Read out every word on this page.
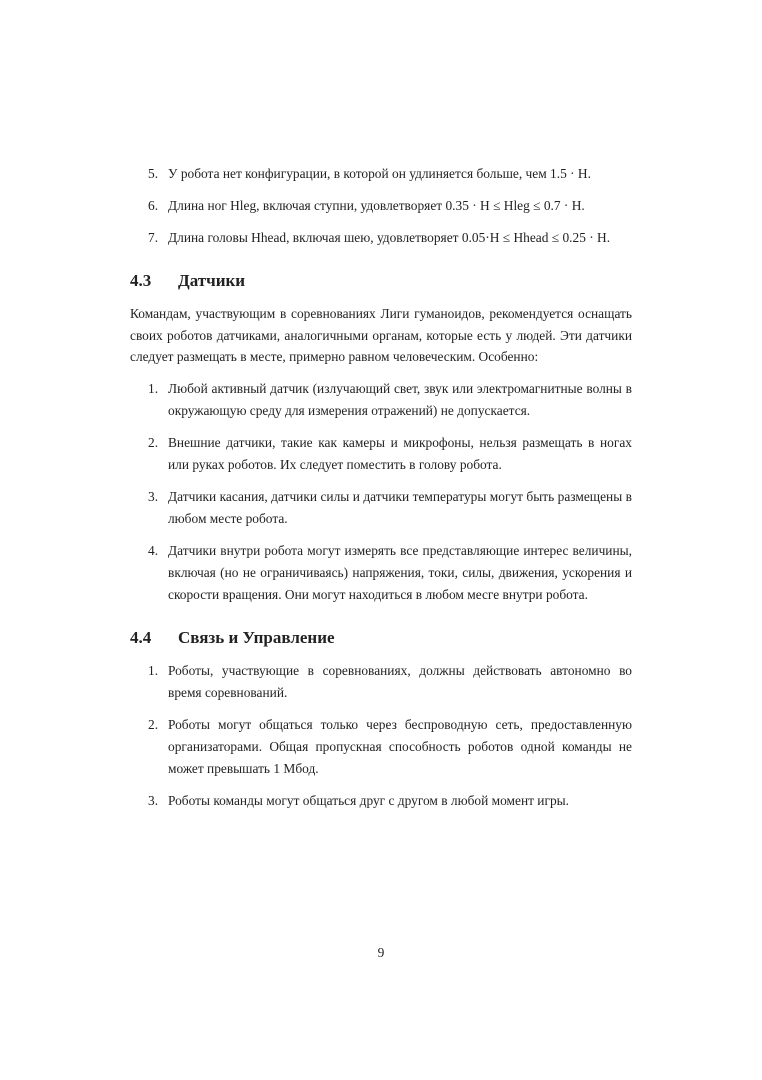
5. У робота нет конфигурации, в которой он удлиняется больше, чем 1.5 · H.
6. Длина ног Hleg, включая ступни, удовлетворяет 0.35 · H ≤ Hleg ≤ 0.7 · H.
7. Длина головы Hhead, включая шею, удовлетворяет 0.05·H ≤ Hhead ≤ 0.25 · H.
4.3 Датчики

Командам, участвующим в соревнованиях Лиги гуманоидов, рекомендуется оснащать своих роботов датчиками, аналогичными органам, которые есть у людей. Эти датчики следует размещать в месте, примерно равном человеческим. Особенно:

1. Любой активный датчик (излучающий свет, звук или электромагнитные волны в окружающую среду для измерения отражений) не допускается.
2. Внешние датчики, такие как камеры и микрофоны, нельзя размещать в ногах или руках роботов. Их следует поместить в голову робота.
3. Датчики касания, датчики силы и датчики температуры могут быть размещены в любом месте робота.
4. Датчики внутри робота могут измерять все представляющие интерес величины, включая (но не ограничиваясь) напряжения, токи, силы, движения, ускорения и скорости вращения. Они могут находиться в любом месге внутри робота.
4.4 Связь и Управление
1. Роботы, участвующие в соревнованиях, должны действовать автономно во время соревнований.
2. Роботы могут общаться только через беспроводную сеть, предоставленную организаторами. Общая пропускная способность роботов одной команды не может превышать 1 Мбод.
3. Роботы команды могут общаться друг с другом в любой момент игры.
9
